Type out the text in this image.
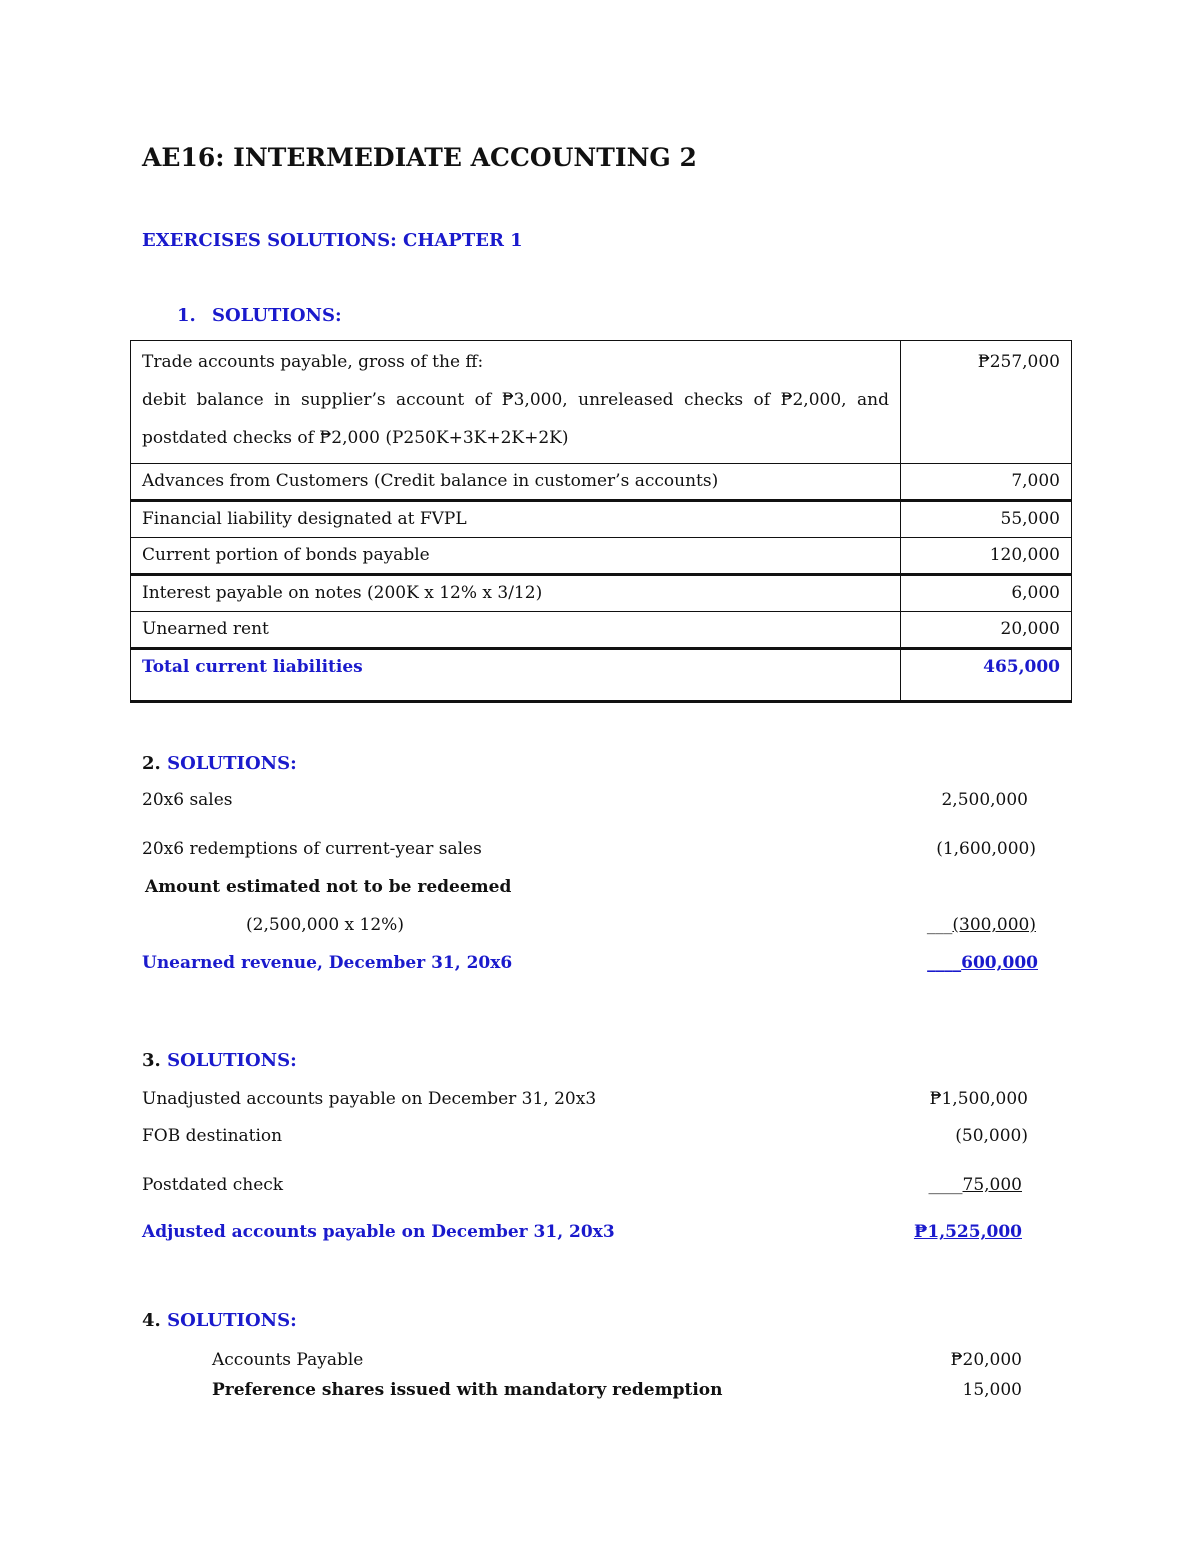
AE16: INTERMEDIATE ACCOUNTING 2
EXERCISES SOLUTIONS: CHAPTER 1
1. SOLUTIONS:
Trade accounts payable, gross of the ff:
debit balance in supplier’s account of ₱3,000, unreleased checks of ₱2,000, and
postdated checks of ₱2,000 (P250K+3K+2K+2K)	₱257,000
Advances from Customers (Credit balance in customer’s accounts)	7,000
Financial liability designated at FVPL	55,000
Current portion of bonds payable	120,000
Interest payable on notes (200K x 12% x 3/12)	6,000
Unearned rent	20,000
Total current liabilities	465,000
2. SOLUTIONS:
20x6 sales	2,500,000
20x6 redemptions of current-year sales	(1,600,000)
Amount estimated not to be redeemed
(2,500,000 x 12%)	___(300,000)
Unearned revenue, December 31, 20x6	____600,000
3. SOLUTIONS:
Unadjusted accounts payable on December 31, 20x3	₱1,500,000
FOB destination	(50,000)
Postdated check	____75,000
Adjusted accounts payable on December 31, 20x3	₱1,525,000
4. SOLUTIONS:
Accounts Payable	₱20,000
Preference shares issued with mandatory redemption	15,000
